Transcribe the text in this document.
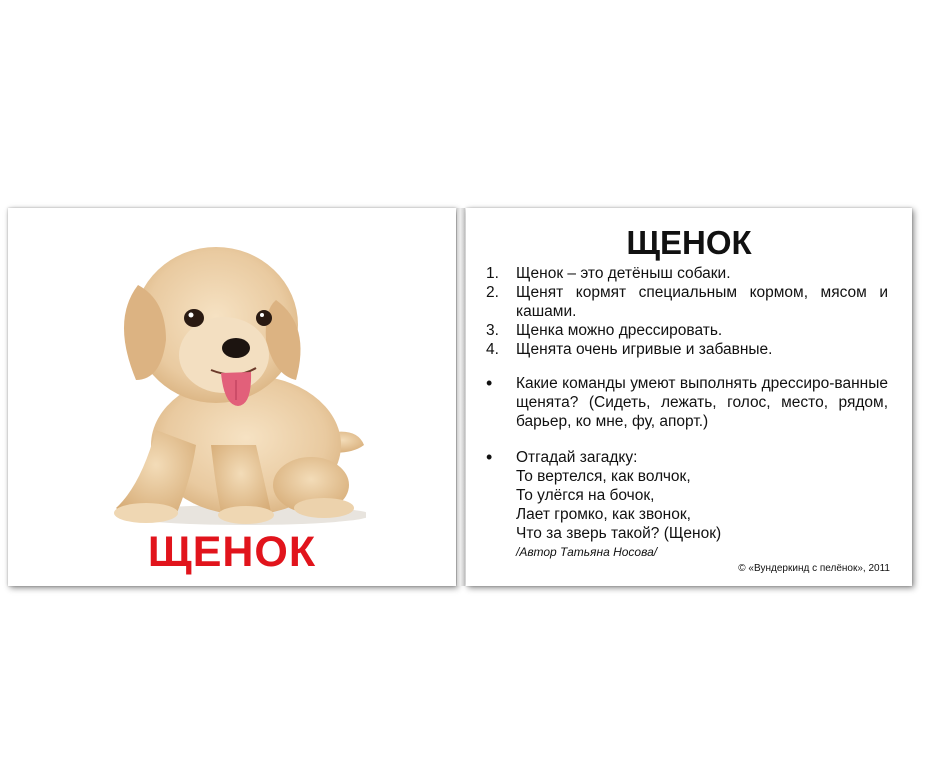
ЩЕНОК
ЩЕНОК
1.	Щенок – это детёныш собаки.
2.	Щенят кормят специальным кормом, мясом и кашами.
3.	Щенка можно дрессировать.
4.	Щенята очень игривые и забавные.
•	Какие команды умеют выполнять дрессиро-ванные щенята? (Сидеть, лежать, голос, место, рядом, барьер, ко мне, фу, апорт.)
•	Отгадай загадку:
То вертелся, как волчок,
То улёгся на бочок,
Лает громко, как звонок,
Что за зверь такой? (Щенок)
/Автор Татьяна Носова/
© «Вундеркинд с пелёнок», 2011
